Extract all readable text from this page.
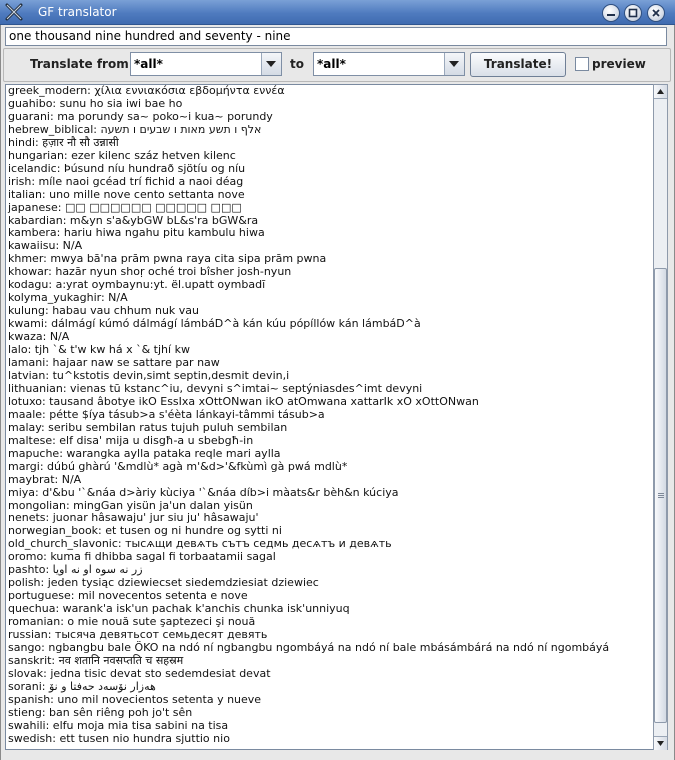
GF translator
one thousand nine hundred and seventy - nine
Translate from *all*	to *all*	Translate!	preview
greek_modern: χίλια εννιακόσια εβδομήντα εννέα
guahibo: sunu ho sia iwi bae ho
guarani: ma porundy sa~ poko~i kua~ porundy
hebrew_biblical: אלף ו תשע מאות ו שבעים ו תשעה
hindi: हज़ार नौ सौ उन्नासी
hungarian: ezer kilenc száz hetven kilenc
icelandic: Þúsund níu hundrað sjötíu og níu
irish: míle naoi gcéad trí fichid a naoi déag
italian: uno mille nove cento settanta nove
japanese: □□ □□□□□□ □□□□□ □□□
kabardian: m&yn s'a&ybGW bL&s'ra bGW&ra
kambera: hariu hiwa ngahu pitu kambulu hiwa
kawaiisu: N/A
khmer: mwya bā'na prām pwna raya cita sipa prām pwna
khowar: hazār nyun shoṛ oché troi bîsher josh-nyun
kodagu: a:yrat oymbaynu:yt. ël.upatt oymbadī
kolyma_yukaghir: N/A
kulung: habau vau chhum nuk vau
kwami: dálmágí kúmó dálmágí lámbáD^à kán kúu pópíllów kán lámbáD^à
kwaza: N/A
lalo: tjh `& t'w kw há x `& tjhí kw
lamani: hajaar naw se sattare par naw
latvian: tu^kstotis devin,simt septin,desmit devin,i
lithuanian: vienas tū kstanc^iu, devyni s^imtai~ septýniasdes^imt devyni
lotuxo: tausand âbotye ikO EssIxa xOttONwan ikO atOmwana xattarIk xO xOttONwan
maale: pétte $íya tásub>a s'éèta lánkayi-tâmmi tásub>a
malay: seribu sembilan ratus tujuh puluh sembilan
maltese: elf disa' mija u disgħ-a u sbebgħ-in
mapuche: warangka aylla pataka reqle mari aylla
margi: dúbú ghàrú '&mdlù* agà m'&d>'&fkùmì gà pwá mdlù*
maybrat: N/A
miya: d'&bu '`&náa d>àriy kùciya '`&náa díb>i màats&r bèh&n kúciya
mongolian: mingGan yisün ja'un dalan yisün
nenets: juonar hâsawaju' jur siu ju' hâsawaju'
norwegian_book: et tusen og ni hundre og sytti ni
old_church_slavonic: тысѧщи девѧть сътъ седмь десѧтъ и девѧть
oromo: kuma fi dhibba sagal fi torbaatamii sagal
pashto: زر نه سوه او نه اویا
polish: jeden tysiąc dziewiecset siedemdziesiat dziewiec
portuguese: mil novecentos setenta e nove
quechua: warank'a isk'un pachak k'anchis chunka isk'unniyuq
romanian: o mie nouă sute şaptezeci şi nouă
russian: тысяча девятьсот семьдесят девять
sango: ngbangbu bale ÖKO na ndó ní ngbangbu ngombáyá na ndó ní bale mbásámbárá na ndó ní ngombáyá
sanskrit: नव शतानि नवसप्तति च सहस्रम
slovak: jedna tisic devat sto sedemdesiat devat
sorani: هه‌زار نۆسه‌د حه‌فتا و نۆ
spanish: uno mil novecientos setenta y nueve
stieng: ban sên riêng poh jo't sên
swahili: elfu moja mia tisa sabini na tisa
swedish: ett tusen nio hundra sjuttio nio
